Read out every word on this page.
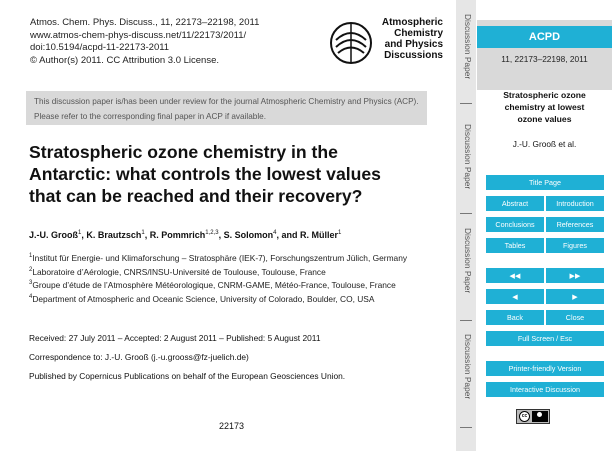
Atmos. Chem. Phys. Discuss., 11, 22173–22198, 2011
www.atmos-chem-phys-discuss.net/11/22173/2011/
doi:10.5194/acpd-11-22173-2011
© Author(s) 2011. CC Attribution 3.0 License.
Atmospheric
Chemistry
and Physics
Discussions
This discussion paper is/has been under review for the journal Atmospheric Chemistry and Physics (ACP). Please refer to the corresponding final paper in ACP if available.
Stratospheric ozone chemistry in the
Antarctic: what controls the lowest values
that can be reached and their recovery?
J.-U. Grooß$^1$, K. Brautzsch$^1$, R. Pommrich$^{1,2,3}$, S. Solomon$^4$, and R. Müller$^1$
$^1$Institut für Energie- und Klimaforschung – Stratosphäre (IEK-7), Forschungszentrum Jülich, Germany
$^2$Laboratoire d’Aérologie, CNRS/INSU-Université de Toulouse, Toulouse, France
$^3$Groupe d’étude de l’Atmosphère Météorologique, CNRM-GAME, Météo-France, Toulouse, France
$^4$Department of Atmospheric and Oceanic Science, University of Colorado, Boulder, CO, USA
Received: 27 July 2011 – Accepted: 2 August 2011 – Published: 5 August 2011
Correspondence to: J.-U. Grooß (j.-u.grooss@fz-juelich.de)
Published by Copernicus Publications on behalf of the European Geosciences Union.
22173
Discussion Paper
Discussion Paper
Discussion Paper
Discussion Paper
ACPD
11, 22173–22198, 2011
Stratospheric ozone
chemistry at lowest
ozone values
J.-U. Grooß et al.
Title Page
Abstract	Introduction
Conclusions	References
Tables	Figures
◀◀	▶▶
◀	▶
Back	Close
Full Screen / Esc
Printer-friendly Version
Interactive Discussion
cc
